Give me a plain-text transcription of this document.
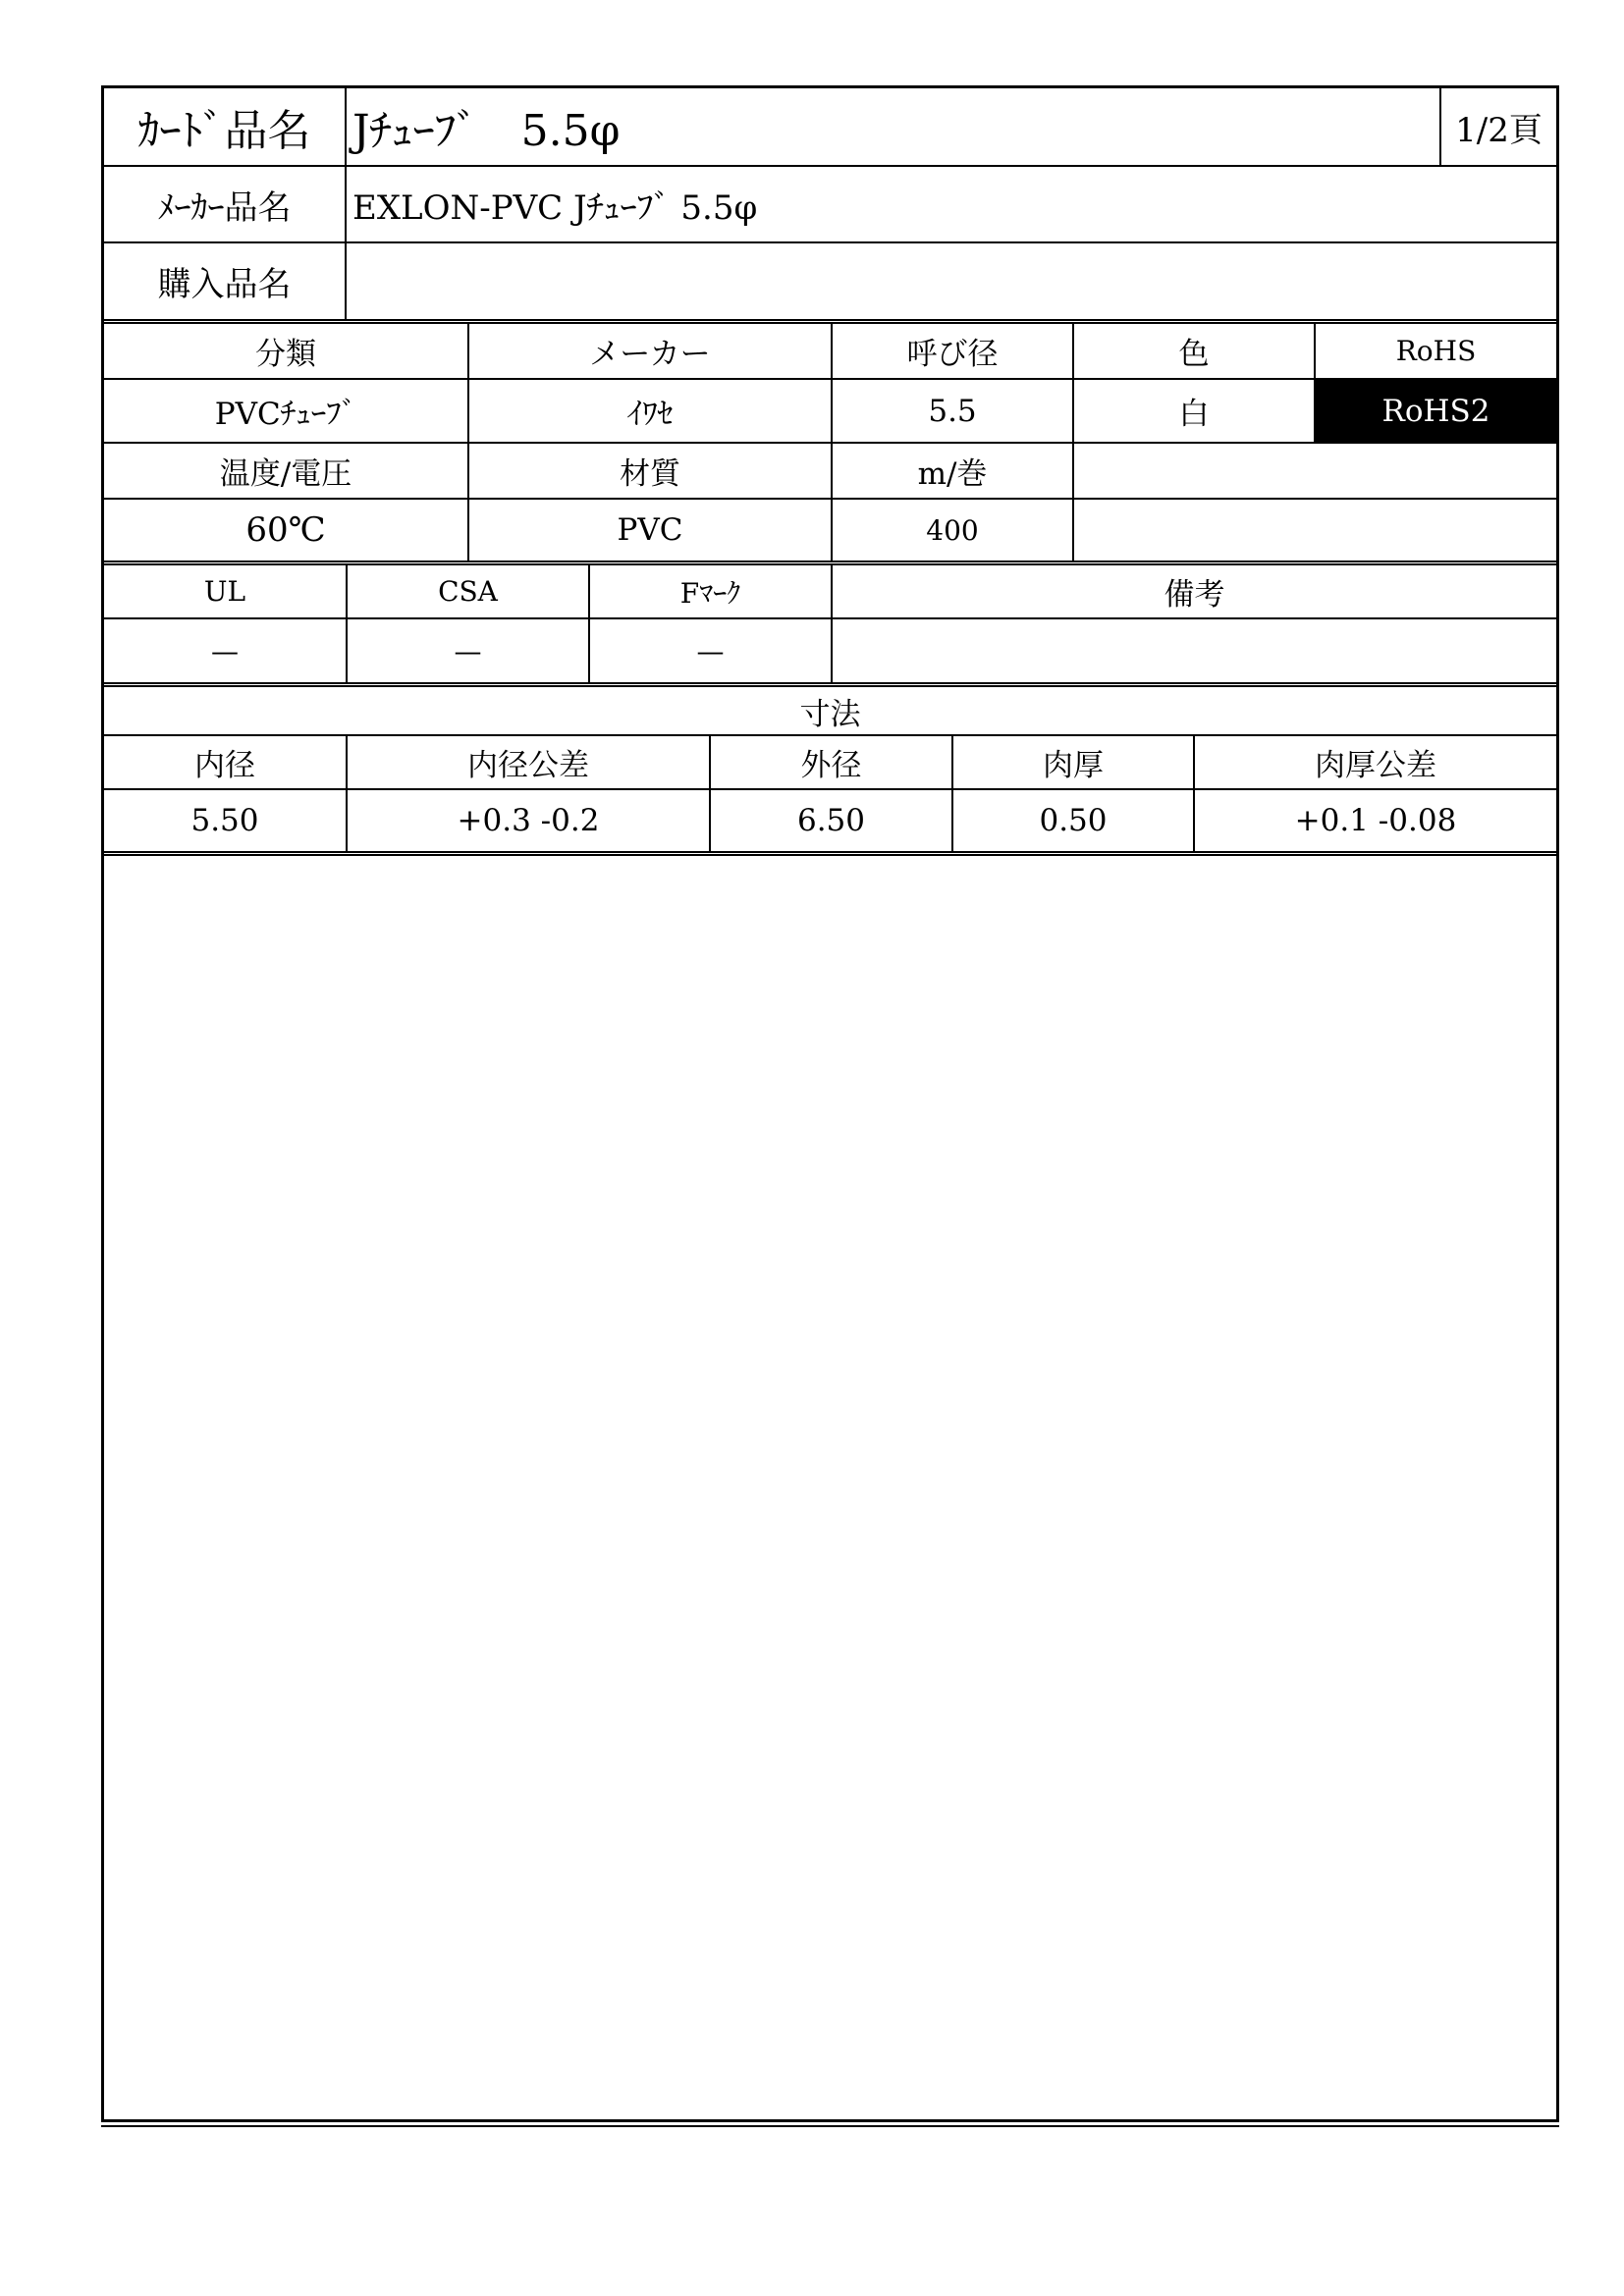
ｶｰﾄﾞ品名 Jﾁｭｰﾌﾞ　5.5φ	1/2頁
ﾒｰｶｰ品名	EXLON-PVC Jﾁｭｰﾌﾞ 5.5φ
購入品名
分類	メーカー	呼び径	色	RoHS
PVCﾁｭｰﾌﾞ	ｲﾜｾ	5.5	白	RoHS2
温度/電圧	材質	m/巻
60℃	PVC	400
UL	CSA	Fﾏｰｸ	備考
—	—	—
寸法
内径	内径公差	外径	肉厚	肉厚公差
5.50	+0.3 -0.2	6.50	0.50	+0.1 -0.08
